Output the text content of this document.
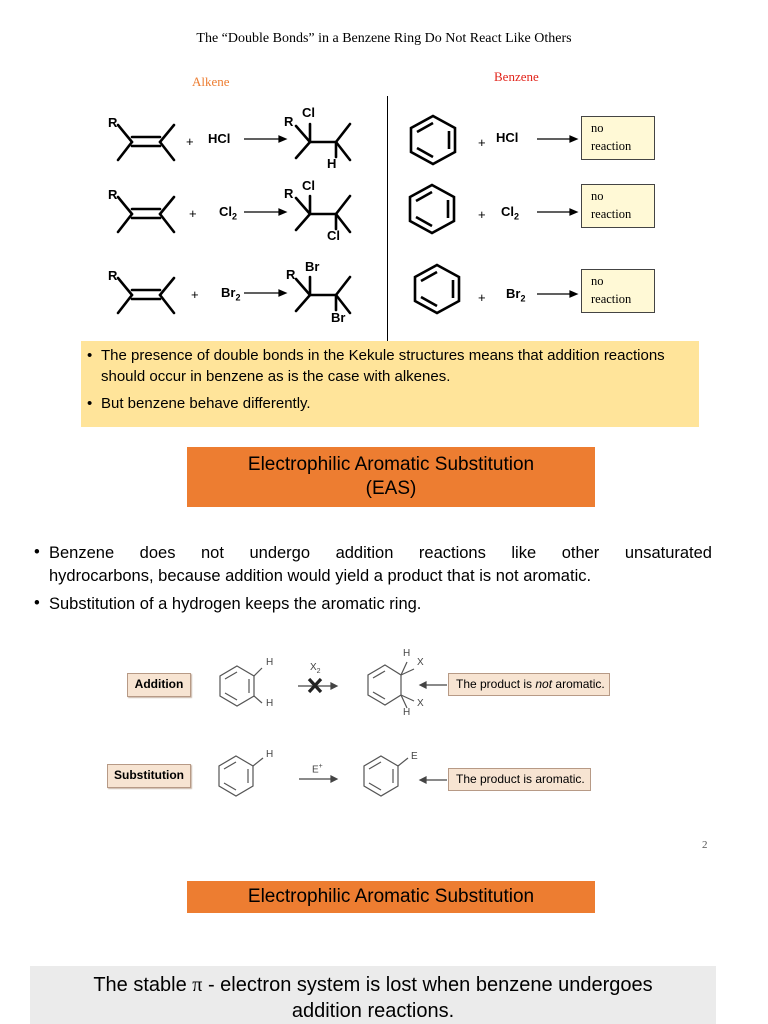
The “Double Bonds” in a Benzene Ring Do Not React Like Others
Alkene	Benzene
R
+ HCl
R
Cl
H
R
+ $Cl_2$
R
Cl
Cl
R
+ $Br_2$
R
Br
Br
+ HCl
no
reaction
+ $Cl_2$
no
reaction
+ $Br_2$
no
reaction
• The presence of double bonds in the Kekule structures means that addition reactions should occur in benzene as is the case with alkenes.
• But benzene behave differently.
Electrophilic Aromatic Substitution
(EAS)
• Benzene does not undergo addition reactions like other unsaturated
hydrocarbons, because addition would yield a product that is not aromatic.
• Substitution of a hydrogen keeps the aromatic ring.
Addition
H
H
$X_2$
H
X
X
H
The product is not aromatic.
Substitution
H
E+
E
The product is aromatic.
2
Electrophilic Aromatic Substitution
The stable π - electron system is lost when benzene undergoes
addition reactions.
